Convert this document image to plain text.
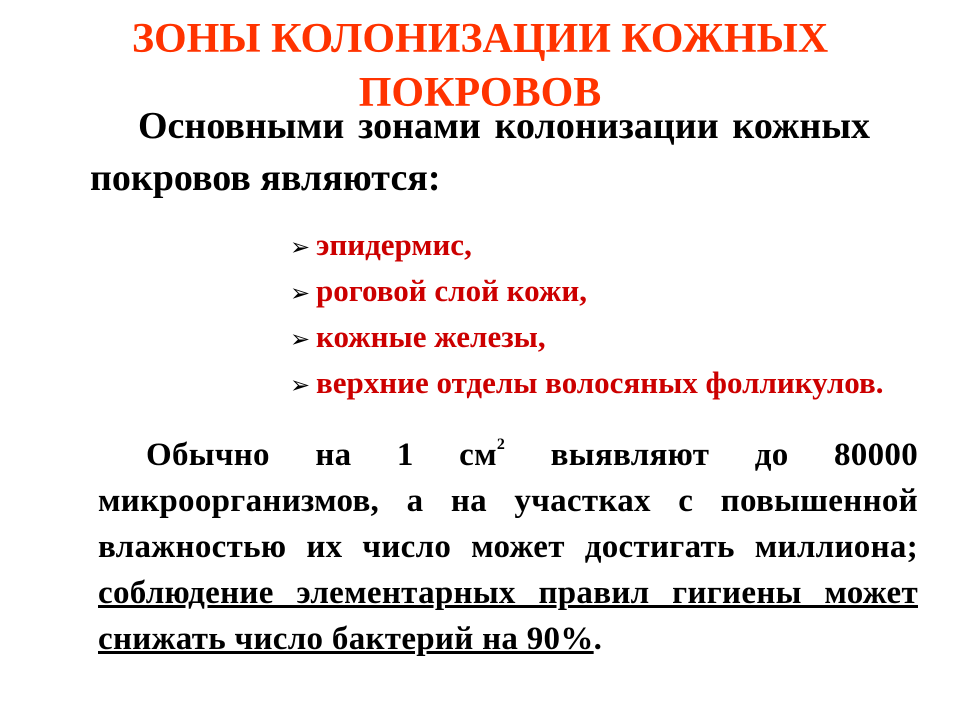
ЗОНЫ КОЛОНИЗАЦИИ КОЖНЫХ ПОКРОВОВ

Основными зонами колонизации кожных покровов являются:

➢ эпидермис,
➢ роговой слой кожи,
➢ кожные железы,
➢ верхние отделы волосяных фолликулов.

Обычно на 1 $см^2$ выявляют до 80000 микроорганизмов, а на участках с повышенной влажностью их число может достигать миллиона; соблюдение элементарных правил гигиены может снижать число бактерий на 90%.
